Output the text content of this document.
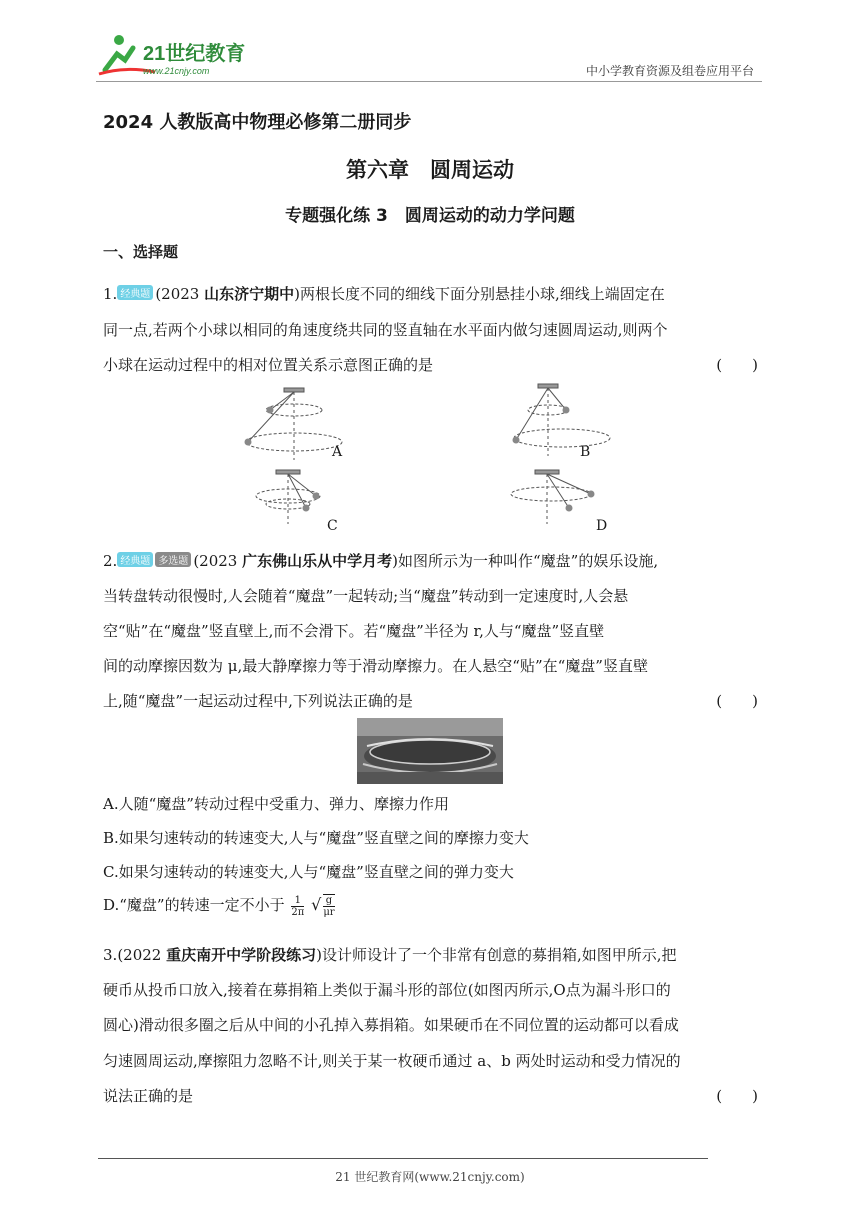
21世纪教育
www.21cnjy.com	中小学教育资源及组卷应用平台
2024 人教版高中物理必修第二册同步
第六章　圆周运动
专题强化练 3　圆周运动的动力学问题
一、选择题
1. 经典题 (2023 山东济宁期中)两根长度不同的细线下面分别悬挂小球,细线上端固定在
同一点,若两个小球以相同的角速度绕共同的竖直轴在水平面内做匀速圆周运动,则两个
小球在运动过程中的相对位置关系示意图正确的是	(　　)
A	B
C	D
2. 经典题 多选题 (2023 广东佛山乐从中学月考)如图所示为一种叫作“魔盘”的娱乐设施,
当转盘转动很慢时,人会随着“魔盘”一起转动;当“魔盘”转动到一定速度时,人会悬
空“贴”在“魔盘”竖直壁上,而不会滑下。若“魔盘”半径为 r,人与“魔盘”竖直壁
间的动摩擦因数为 μ,最大静摩擦力等于滑动摩擦力。在人悬空“贴”在“魔盘”竖直壁
上,随“魔盘”一起运动过程中,下列说法正确的是	(　　)
A.人随“魔盘”转动过程中受重力、弹力、摩擦力作用
B.如果匀速转动的转速变大,人与“魔盘”竖直壁之间的摩擦力变大
C.如果匀速转动的转速变大,人与“魔盘”竖直壁之间的弹力变大
D.“魔盘”的转速一定不小于 $\frac{1}{2\pi}$ √ $\frac{g}{\mu r}$
3.(2022 重庆南开中学阶段练习)设计师设计了一个非常有创意的募捐箱,如图甲所示,把
硬币从投币口放入,接着在募捐箱上类似于漏斗形的部位(如图丙所示,O点为漏斗形口的
圆心)滑动很多圈之后从中间的小孔掉入募捐箱。如果硬币在不同位置的运动都可以看成
匀速圆周运动,摩擦阻力忽略不计,则关于某一枚硬币通过 a、b 两处时运动和受力情况的
说法正确的是	(　　)
21 世纪教育网(www.21cnjy.com)
